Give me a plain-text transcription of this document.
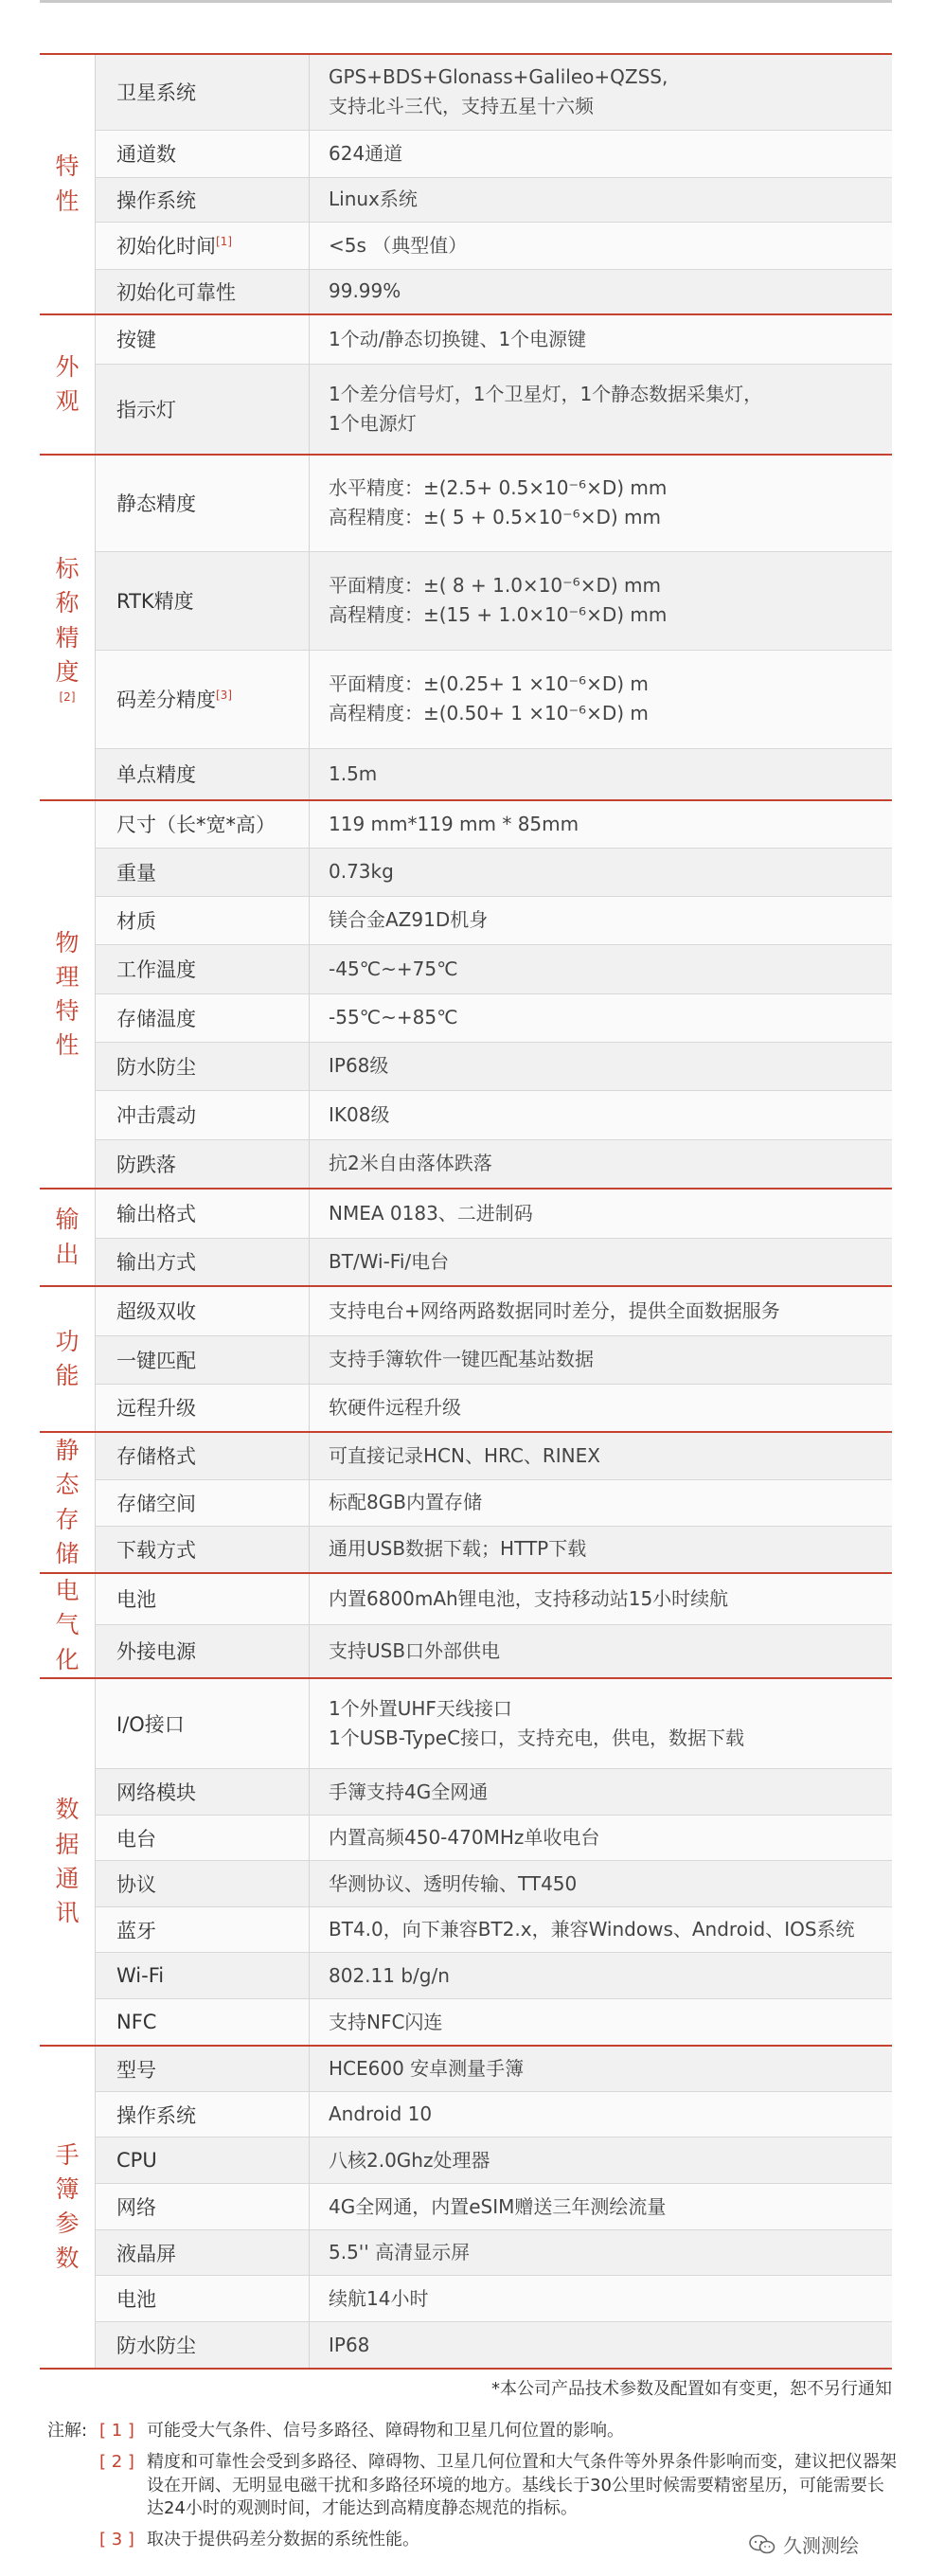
特
性	卫星系统	GPS+BDS+Glonass+Galileo+QZSS,
支持北斗三代，支持五星十六频

	通道数	624通道

	操作系统	Linux系统

	初始化时间[1]	<5s （典型值）

	初始化可靠性	99.99%

外
观	按键	1个动/静态切换键、1个电源键

	指示灯	1个差分信号灯，1个卫星灯，1个静态数据采集灯，
1个电源灯

标
称
精
度
[2]	静态精度	水平精度：±(2.5+ 0.5×10⁻⁶×D) mm
高程精度：±( 5 + 0.5×10⁻⁶×D) mm

	RTK精度	平面精度：±( 8 + 1.0×10⁻⁶×D) mm
高程精度：±(15 + 1.0×10⁻⁶×D) mm

	码差分精度[3]	平面精度：±(0.25+ 1 ×10⁻⁶×D) m
高程精度：±(0.50+ 1 ×10⁻⁶×D) m

	单点精度	1.5m

物
理
特
性	尺寸（长*宽*高）	119 mm*119 mm * 85mm

	重量	0.73kg

	材质	镁合金AZ91D机身

	工作温度	-45℃~+75℃

	存储温度	-55℃~+85℃

	防水防尘	IP68级

	冲击震动	IK08级

	防跌落	抗2米自由落体跌落

输
出	输出格式	NMEA 0183、二进制码

	输出方式	BT/Wi-Fi/电台

功
能	超级双收	支持电台+网络两路数据同时差分，提供全面数据服务

	一键匹配	支持手簿软件一键匹配基站数据

	远程升级	软硬件远程升级

静
态
存
储	存储格式	可直接记录HCN、HRC、RINEX

	存储空间	标配8GB内置存储

	下载方式	通用USB数据下载；HTTP下载

电
气
化	电池	内置6800mAh锂电池，支持移动站15小时续航

	外接电源	支持USB口外部供电

数
据
通
讯	I/O接口	1个外置UHF天线接口
1个USB-TypeC接口，支持充电，供电，数据下载

	网络模块	手簿支持4G全网通

	电台	内置高频450-470MHz单收电台

	协议	华测协议、透明传输、TT450

	蓝牙	BT4.0，向下兼容BT2.x，兼容Windows、Android、IOS系统

	Wi-Fi	802.11 b/g/n

	NFC	支持NFC闪连

手
簿
参
数	型号	HCE600 安卓测量手簿

	操作系统	Android 10

	CPU	八核2.0Ghz处理器

	网络	4G全网通，内置eSIM赠送三年测绘流量

	液晶屏	5.5'' 高清显示屏

	电池	续航14小时

	防水防尘	IP68
*本公司产品技术参数及配置如有变更，恕不另行通知
注解: [ 1 ] 可能受大气条件、信号多路径、障碍物和卫星几何位置的影响。
[ 2 ] 精度和可靠性会受到多路径、障碍物、卫星几何位置和大气条件等外界条件影响而变，建议把仪器架设在开阔、无明显电磁干扰和多路径环境的地方。基线长于30公里时候需要精密星历，可能需要长达24小时的观测时间，才能达到高精度静态规范的指标。
[ 3 ] 取决于提供码差分数据的系统性能。	久测测绘
